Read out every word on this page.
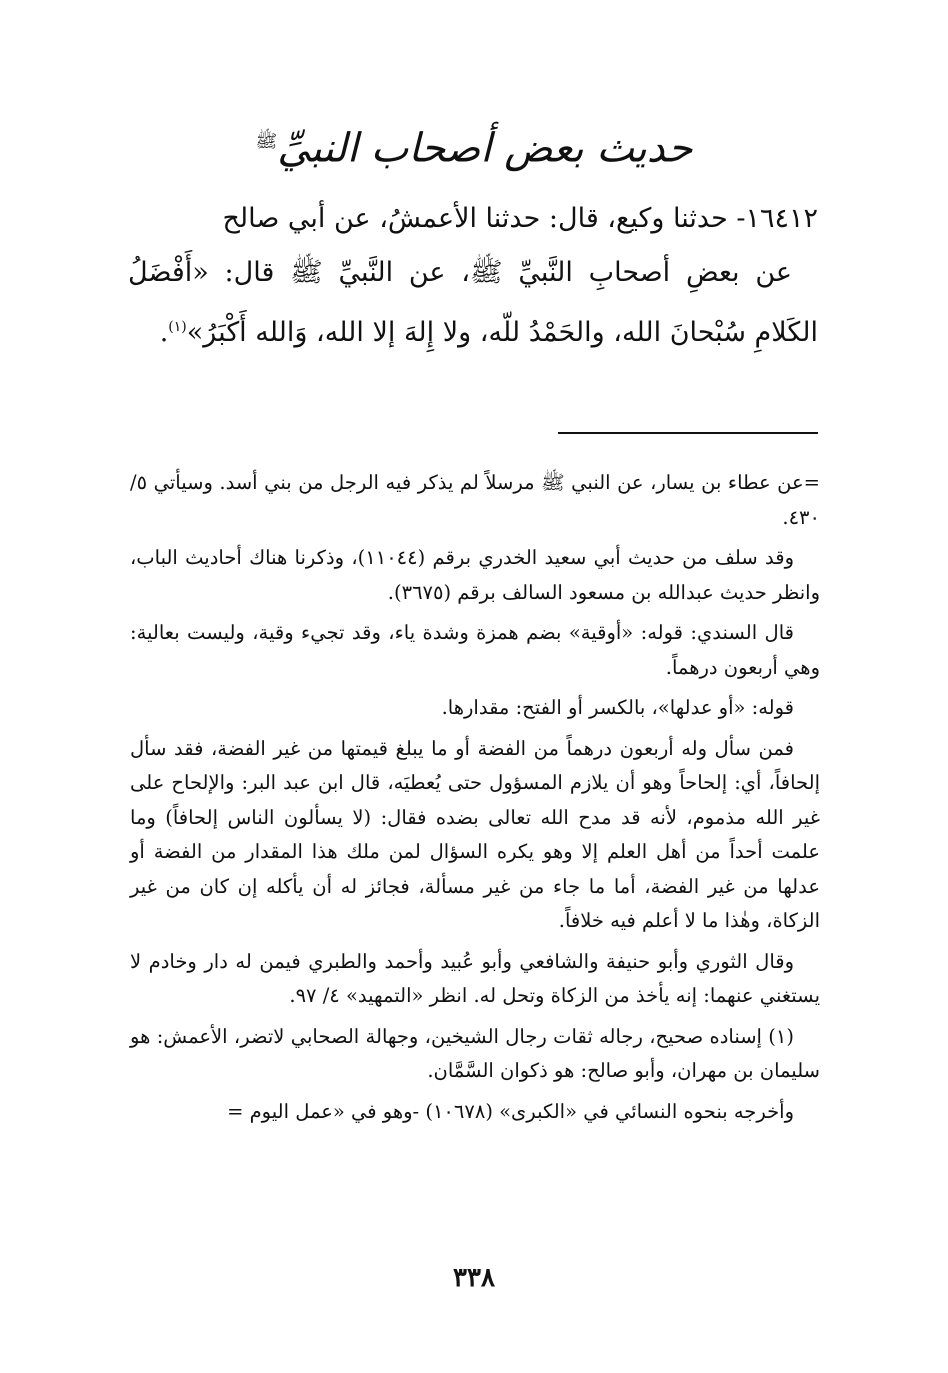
حديث بعض أصحاب النبيِّ$^ﷺ$

١٦٤١٢- حدثنا وكيع، قال: حدثنا الأعمشُ، عن أبي صالح

عن بعضِ أصحابِ النَّبيِّ ﷺ، عن النَّبيِّ ﷺ قال: «أَفْضَلُ الكَلامِ سُبْحانَ الله، والحَمْدُ للّه، ولا إِلهَ إلا الله، وَالله أَكْبَرُ»$^{(١)}$.

=عن عطاء بن يسار، عن النبي ﷺ مرسلاً لم يذكر فيه الرجل من بني أسد. وسيأتي ٥/ ٤٣٠.

وقد سلف من حديث أبي سعيد الخدري برقم (١١٠٤٤)، وذكرنا هناك أحاديث الباب، وانظر حديث عبدالله بن مسعود السالف برقم (٣٦٧٥).

قال السندي: قوله: «أوقية» بضم همزة وشدة ياء، وقد تجيء وقية، وليست بعالية: وهي أربعون درهماً.

قوله: «أو عدلها»، بالكسر أو الفتح: مقدارها.

فمن سأل وله أربعون درهماً من الفضة أو ما يبلغ قيمتها من غير الفضة، فقد سأل إلحافاً، أي: إلحاحاً وهو أن يلازم المسؤول حتى يُعطيَه، قال ابن عبد البر: والإلحاح على غير الله مذموم، لأنه قد مدح الله تعالى بضده فقال: (لا يسألون الناس إلحافاً) وما علمت أحداً من أهل العلم إلا وهو يكره السؤال لمن ملك هذا المقدار من الفضة أو عدلها من غير الفضة، أما ما جاء من غير مسألة، فجائز له أن يأكله إن كان من غير الزكاة، وهٰذا ما لا أعلم فيه خلافاً.

وقال الثوري وأبو حنيفة والشافعي وأبو عُبيد وأحمد والطبري فيمن له دار وخادم لا يستغني عنهما: إنه يأخذ من الزكاة وتحل له. انظر «التمهيد» ٤/ ٩٧.

(١) إسناده صحيح، رجاله ثقات رجال الشيخين، وجهالة الصحابي لاتضر، الأعمش: هو سليمان بن مهران، وأبو صالح: هو ذكوان السَّمَّان.

وأخرجه بنحوه النسائي في «الكبرى» (١٠٦٧٨) -وهو في «عمل اليوم =

٣٣٨
